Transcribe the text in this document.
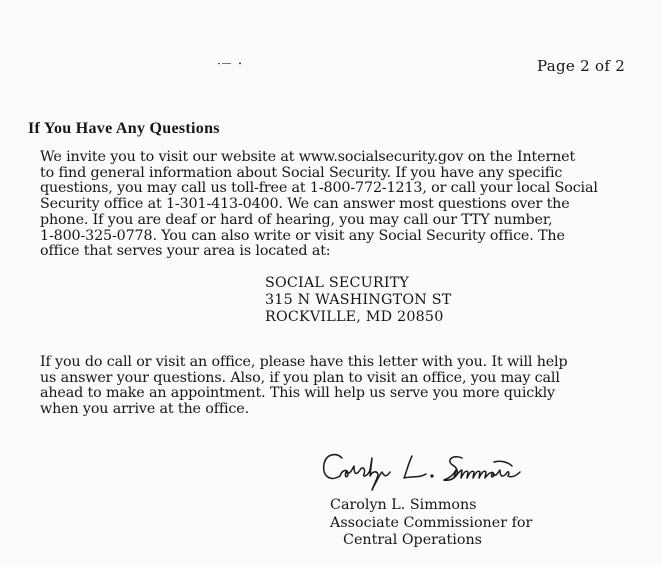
Page 2 of 2
If You Have Any Questions
We invite you to visit our website at www.socialsecurity.gov on the Internet
to find general information about Social Security. If you have any specific
questions, you may call us toll-free at 1-800-772-1213, or call your local Social
Security office at 1-301-413-0400. We can answer most questions over the
phone. If you are deaf or hard of hearing, you may call our TTY number,
1-800-325-0778. You can also write or visit any Social Security office. The
office that serves your area is located at:
SOCIAL SECURITY
315 N WASHINGTON ST
ROCKVILLE, MD 20850
If you do call or visit an office, please have this letter with you. It will help
us answer your questions. Also, if you plan to visit an office, you may call
ahead to make an appointment. This will help us serve you more quickly
when you arrive at the office.
Carolyn L. Simmons
Associate Commissioner for
Central Operations
